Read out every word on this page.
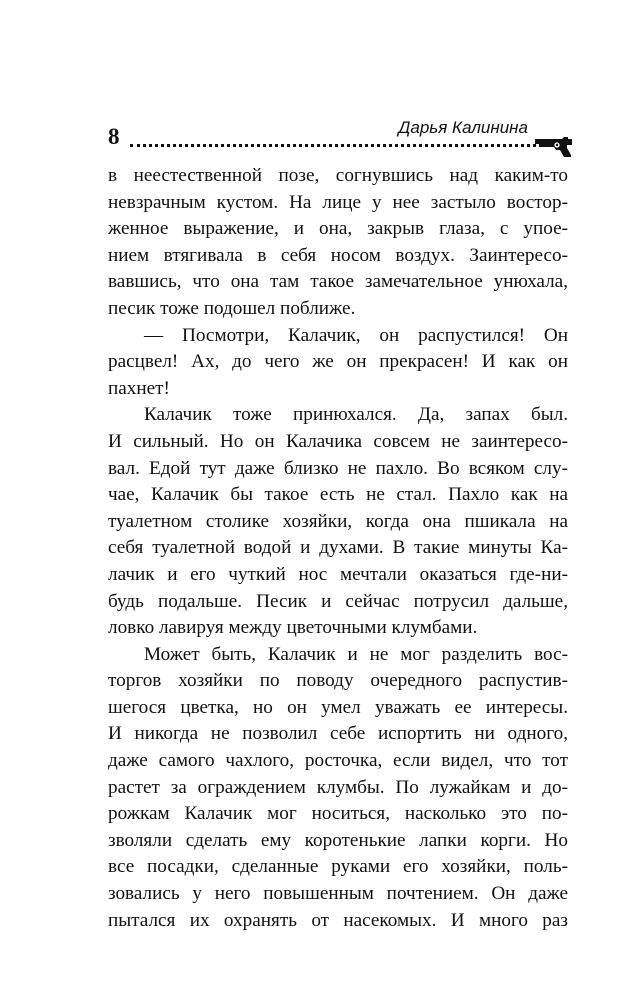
8	Дарья Калинина
в неестественной позе, согнувшись над каким-то
невзрачным кустом. На лице у нее застыло востор-
женное выражение, и она, закрыв глаза, с упое-
нием втягивала в себя носом воздух. Заинтересо-
вавшись, что она там такое замечательное унюхала,
песик тоже подошел поближе.
— Посмотри, Калачик, он распустился! Он
расцвел! Ах, до чего же он прекрасен! И как он
пахнет!
Калачик тоже принюхался. Да, запах был.
И сильный. Но он Калачика совсем не заинтересо-
вал. Едой тут даже близко не пахло. Во всяком слу-
чае, Калачик бы такое есть не стал. Пахло как на
туалетном столике хозяйки, когда она пшикала на
себя туалетной водой и духами. В такие минуты Ка-
лачик и его чуткий нос мечтали оказаться где-ни-
будь подальше. Песик и сейчас потрусил дальше,
ловко лавируя между цветочными клумбами.
Может быть, Калачик и не мог разделить вос-
торгов хозяйки по поводу очередного распустив-
шегося цветка, но он умел уважать ее интересы.
И никогда не позволил себе испортить ни одного,
даже самого чахлого, росточка, если видел, что тот
растет за ограждением клумбы. По лужайкам и до-
рожкам Калачик мог носиться, насколько это по-
зволяли сделать ему коротенькие лапки корги. Но
все посадки, сделанные руками его хозяйки, поль-
зовались у него повышенным почтением. Он даже
пытался их охранять от насекомых. И много раз
